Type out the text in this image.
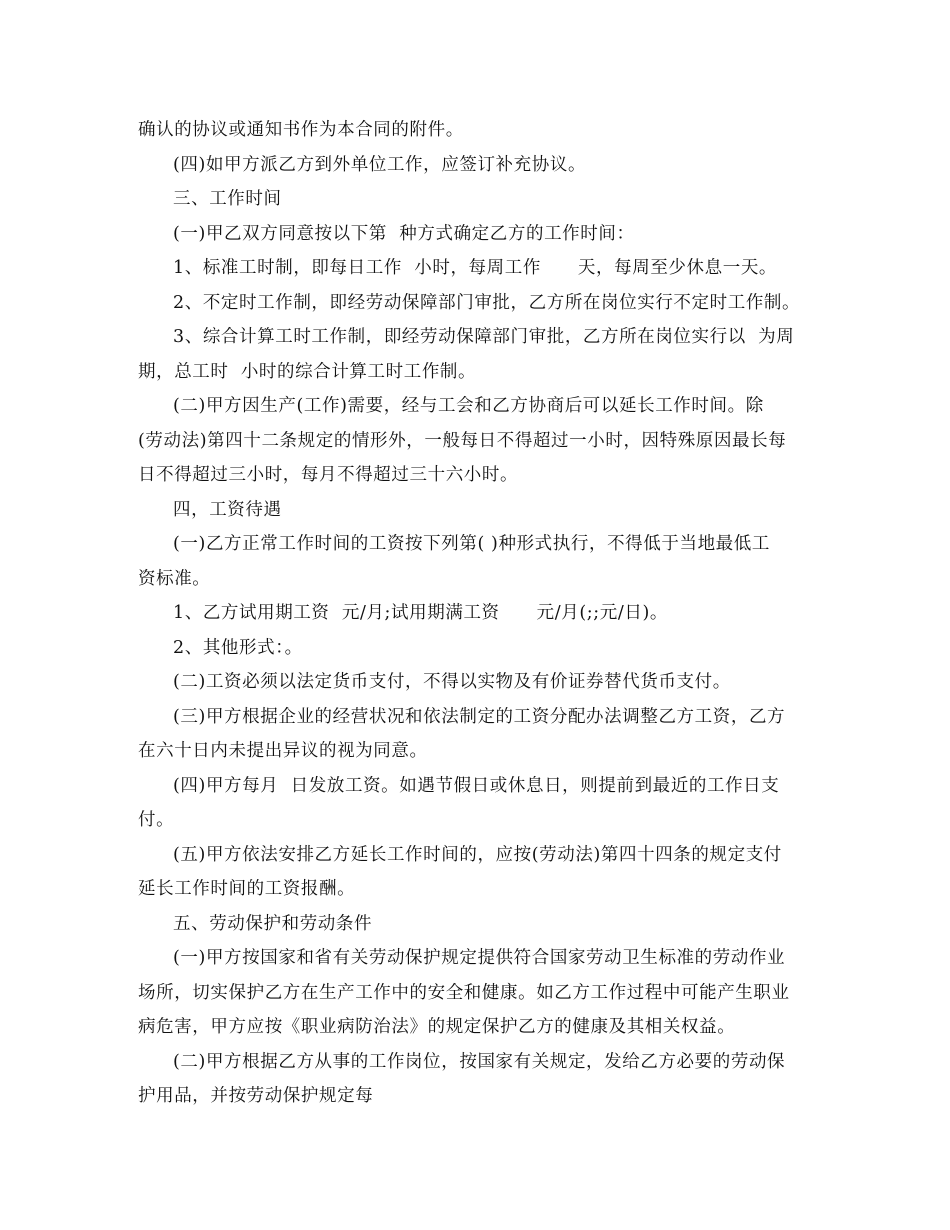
确认的协议或通知书作为本合同的附件。
(四)如甲方派乙方到外单位工作，应签订补充协议。
三、工作时间
(一)甲乙双方同意按以下第  种方式确定乙方的工作时间：
1、标准工时制，即每日工作  小时，每周工作      天，每周至少休息一天。
2、不定时工作制，即经劳动保障部门审批，乙方所在岗位实行不定时工作制。
3、综合计算工时工作制，即经劳动保障部门审批，乙方所在岗位实行以  为周
期，总工时  小时的综合计算工时工作制。
(二)甲方因生产(工作)需要，经与工会和乙方协商后可以延长工作时间。除
(劳动法)第四十二条规定的情形外，一般每日不得超过一小时，因特殊原因最长每
日不得超过三小时，每月不得超过三十六小时。
四，工资待遇
(一)乙方正常工作时间的工资按下列第( )种形式执行，不得低于当地最低工
资标准。
1、乙方试用期工资  元/月;试用期满工资      元/月(;;元/日)。
2、其他形式：。
(二)工资必须以法定货币支付，不得以实物及有价证券替代货币支付。
(三)甲方根据企业的经营状况和依法制定的工资分配办法调整乙方工资，乙方
在六十日内未提出异议的视为同意。
(四)甲方每月  日发放工资。如遇节假日或休息日，则提前到最近的工作日支
付。
(五)甲方依法安排乙方延长工作时间的，应按(劳动法)第四十四条的规定支付
延长工作时间的工资报酬。
五、劳动保护和劳动条件
(一)甲方按国家和省有关劳动保护规定提供符合国家劳动卫生标准的劳动作业
场所，切实保护乙方在生产工作中的安全和健康。如乙方工作过程中可能产生职业
病危害，甲方应按《职业病防治法》的规定保护乙方的健康及其相关权益。
(二)甲方根据乙方从事的工作岗位，按国家有关规定，发给乙方必要的劳动保
护用品，并按劳动保护规定每
